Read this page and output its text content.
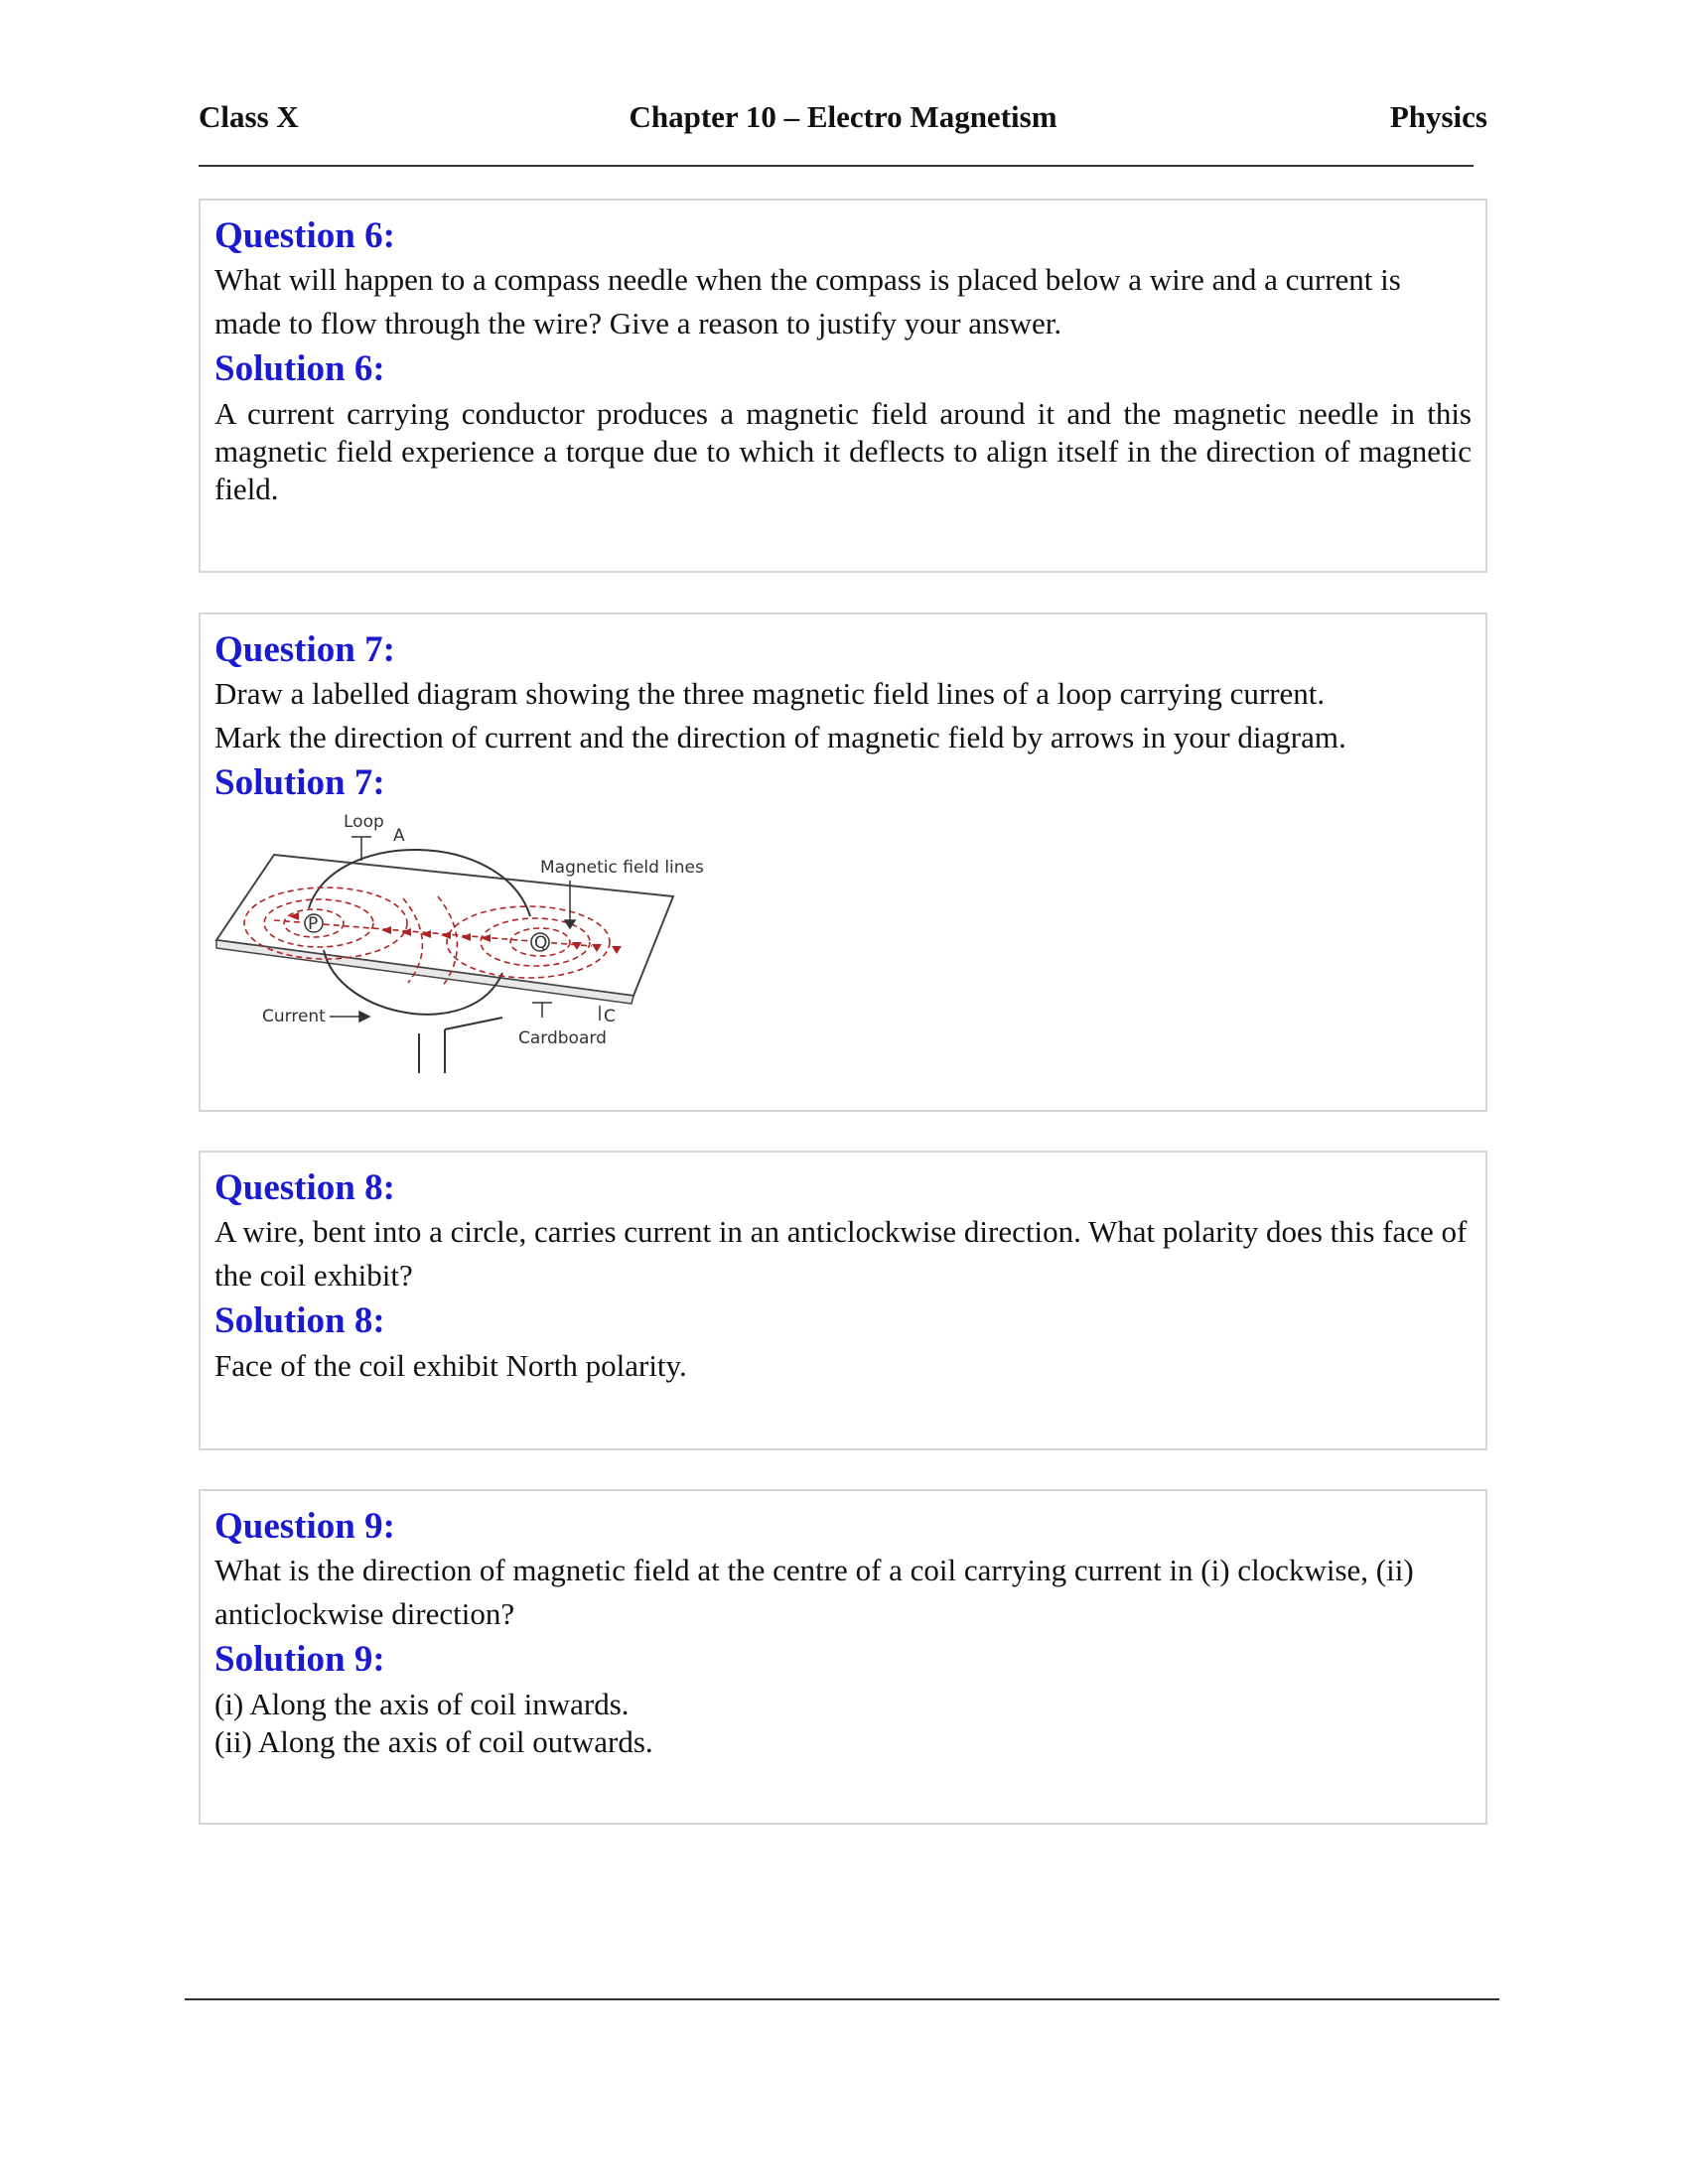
Class X	Chapter 10 – Electro Magnetism	Physics

Question 6:

What will happen to a compass needle when the compass is placed below a wire and a current is made to flow through the wire? Give a reason to justify your answer.

Solution 6:

A current carrying conductor produces a magnetic field around it and the magnetic needle in this magnetic field experience a torque due to which it deflects to align itself in the direction of magnetic field.

Question 7:

Draw a labelled diagram showing the three magnetic field lines of a loop carrying current.

Mark the direction of current and the direction of magnetic field by arrows in your diagram.

Solution 7:

P
Q
Loop
A
Magnetic field lines
Current	C
Cardboard

Question 8:

A wire, bent into a circle, carries current in an anticlockwise direction. What polarity does this face of the coil exhibit?

Solution 8:

Face of the coil exhibit North polarity.

Question 9:

What is the direction of magnetic field at the centre of a coil carrying current in (i) clockwise, (ii) anticlockwise direction?

Solution 9:

(i) Along the axis of coil inwards.

(ii) Along the axis of coil outwards.
